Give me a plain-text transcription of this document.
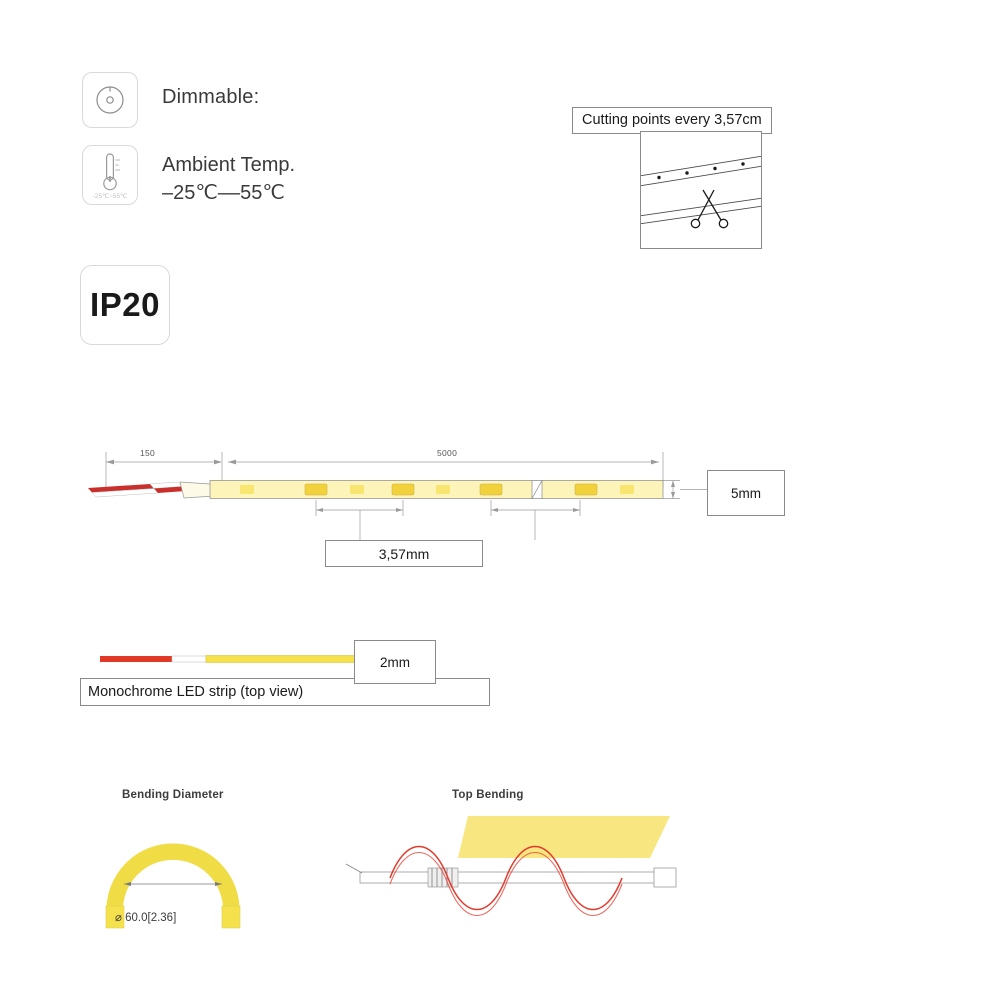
Dimmable:
-25℃~55℃
Ambient Temp.
–25℃––55℃
IP20
Cutting points every 3,57cm
150	5000
5mm
3,57mm
2mm
Monochrome LED strip (top view)
Bending Diameter	Top Bending
⌀ 60.0[2.36]
